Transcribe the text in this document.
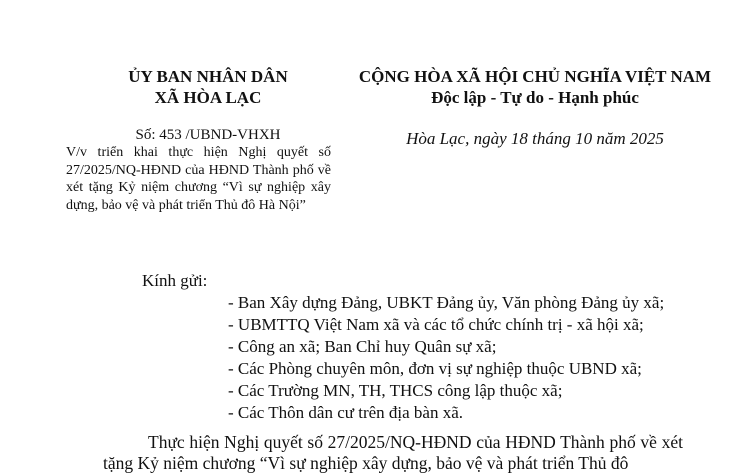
ỦY BAN NHÂN DÂN
XÃ HÒA LẠC
CỘNG HÒA XÃ HỘI CHỦ NGHĨA VIỆT NAM
Độc lập - Tự do - Hạnh phúc
Số: 453 /UBND-VHXH	Hòa Lạc, ngày 18 tháng 10 năm 2025
V/v triển khai thực hiện Nghị quyết số 27/2025/NQ-HĐND của HĐND Thành phố về xét tặng Kỷ niệm chương “Vì sự nghiệp xây dựng, bảo vệ và phát triển Thủ đô Hà Nội”
Kính gửi:
- Ban Xây dựng Đảng, UBKT Đảng ủy, Văn phòng Đảng ủy xã;
- UBMTTQ Việt Nam xã và các tổ chức chính trị - xã hội xã;
- Công an xã; Ban Chỉ huy Quân sự xã;
- Các Phòng chuyên môn, đơn vị sự nghiệp thuộc UBND xã;
- Các Trường MN, TH, THCS công lập thuộc xã;
- Các Thôn dân cư trên địa bàn xã.
Thực hiện Nghị quyết số 27/2025/NQ-HĐND của HĐND Thành phố về xét tặng Kỷ niệm chương “Vì sự nghiệp xây dựng, bảo vệ và phát triển Thủ đô
